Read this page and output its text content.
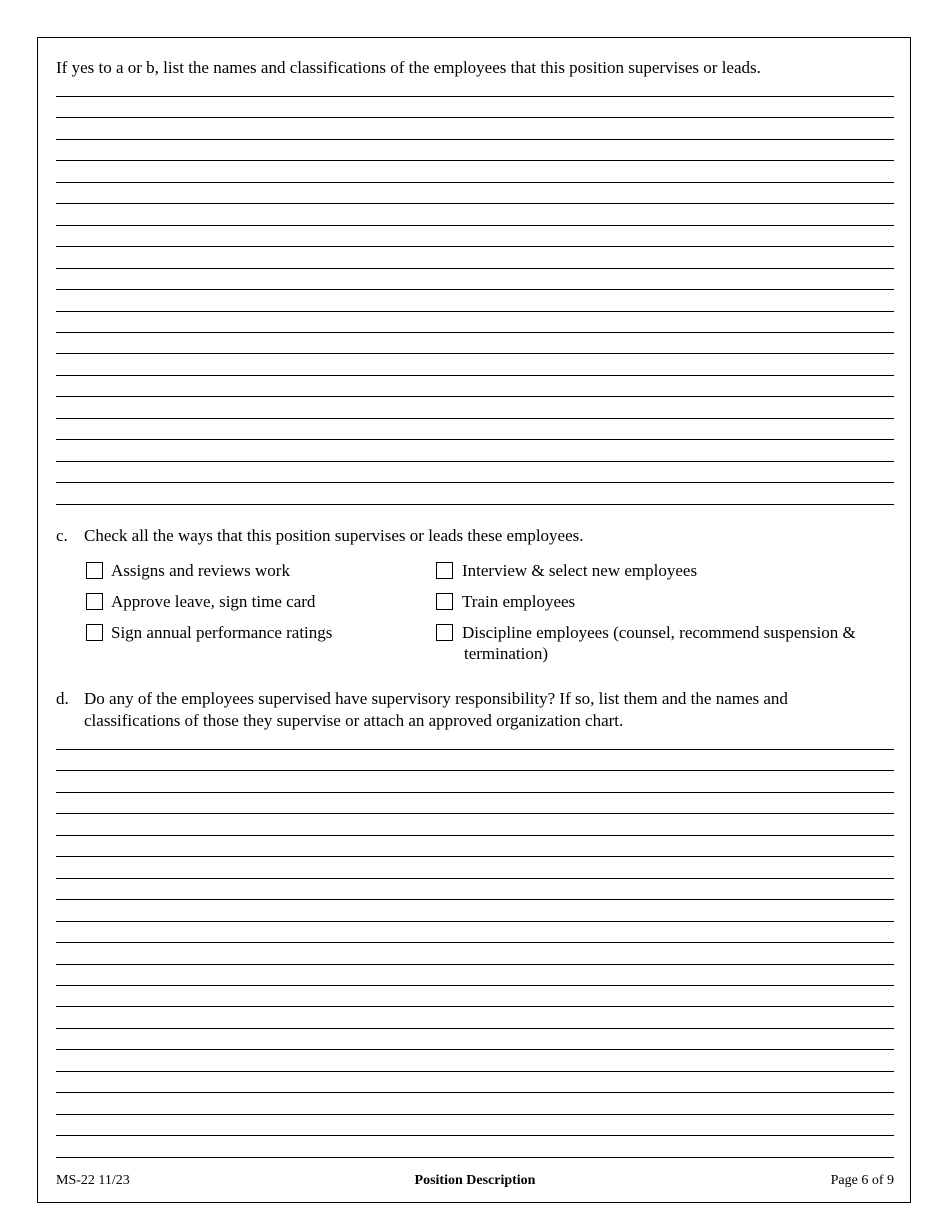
If yes to a or b, list the names and classifications of the employees that this position supervises or leads.
c. Check all the ways that this position supervises or leads these employees.
Assigns and reviews work	Interview & select new employees
Approve leave, sign time card	Train employees
Sign annual performance ratings	Discipline employees (counsel, recommend suspension &
termination)
d. Do any of the employees supervised have supervisory responsibility? If so, list them and the names and
classifications of those they supervise or attach an approved organization chart.
MS-22 11/23	Position Description	Page 6 of 9
